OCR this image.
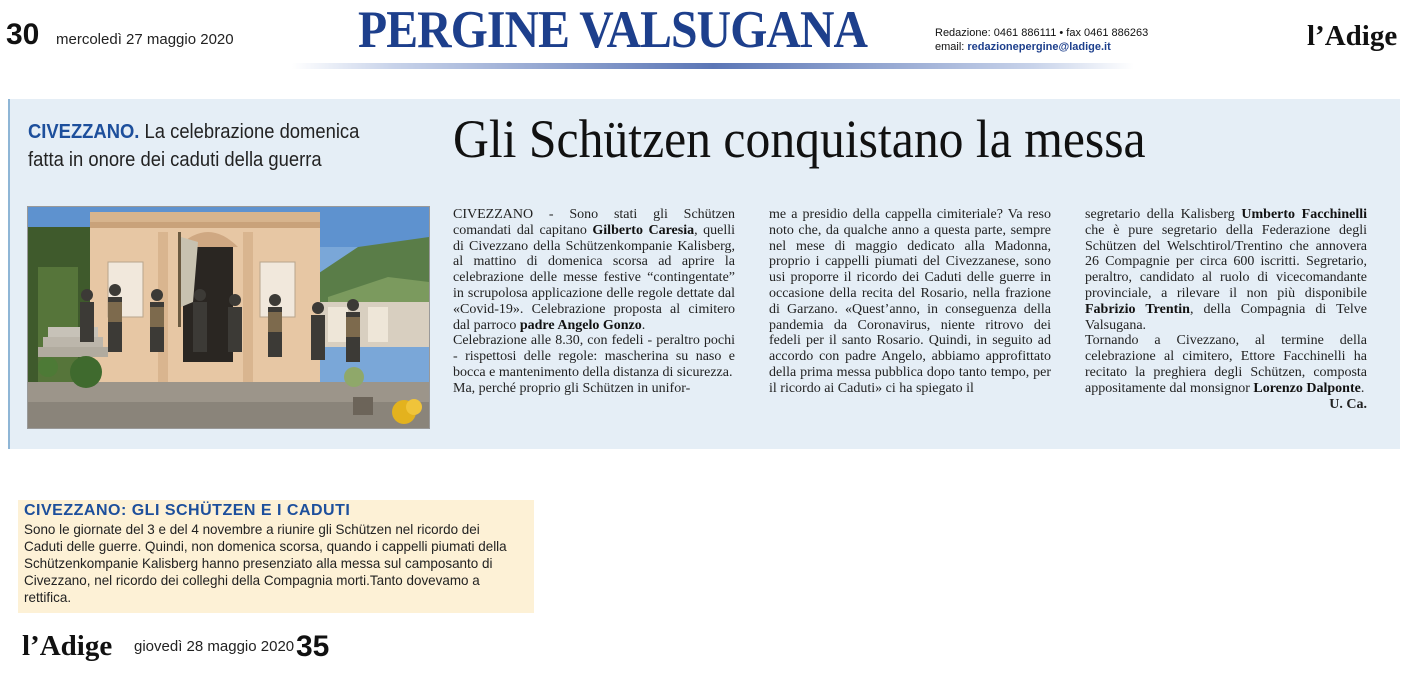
30 mercoledì 27 maggio 2020 PERGINE VALSUGANA	Redazione: 0461 886111 • fax 0461 886263
email: redazionepergine@ladige.it	l’Adige
CIVEZZANO. La celebrazione domenica fatta in onore dei caduti della guerra	Gli Schützen conquistano la messa

CIVEZZANO - Sono stati gli Schützen comandati dal capitano Gilberto Caresia, quelli di Civezzano della Schützenkompanie Kalisberg, al mattino di domenica scorsa ad aprire la celebrazione delle messe festive “contingentate” in scrupolosa applicazione delle regole dettate dal «Covid-19». Celebrazione proposta al cimitero dal parroco padre Angelo Gonzo.

Celebrazione alle 8.30, con fedeli - peraltro pochi - rispettosi delle regole: mascherina su naso e bocca e mantenimento della distanza di sicurezza.

Ma, perché proprio gli Schützen in unifor-

me a presidio della cappella cimiteriale? Va reso noto che, da qualche anno a questa parte, sempre nel mese di maggio dedicato alla Madonna, proprio i cappelli piumati del Civezzanese, sono usi proporre il ricordo dei Caduti delle guerre in occasione della recita del Rosario, nella frazione di Garzano. «Quest’anno, in conseguenza della pandemia da Coronavirus, niente ritrovo dei fedeli per il santo Rosario. Quindi, in seguito ad accordo con padre Angelo, abbiamo approfittato della prima messa pubblica dopo tanto tempo, per il ricordo ai Caduti» ci ha spiegato il

segretario della Kalisberg Umberto Facchinelli che è pure segretario della Federazione degli Schützen del Welschtirol/Trentino che annovera 26 Compagnie per circa 600 iscritti. Segretario, peraltro, candidato al ruolo di vicecomandante provinciale, a rilevare il non più disponibile Fabrizio Trentin, della Compagnia di Telve Valsugana.

Tornando a Civezzano, al termine della celebrazione al cimitero, Ettore Facchinelli ha recitato la preghiera degli Schützen, composta appositamente dal monsignor Lorenzo Dalponte.
U. Ca.

CIVEZZANO: GLI SCHÜTZEN E I CADUTI
Sono le giornate del 3 e del 4 novembre a riunire gli Schützen nel ricordo dei Caduti delle guerre. Quindi, non domenica scorsa, quando i cappelli piumati della Schützenkompanie Kalisberg hanno presenziato alla messa sul camposanto di Civezzano, nel ricordo dei colleghi della Compagnia morti.Tanto dovevamo a rettifica.
l’Adige giovedì 28 maggio 2020 35
